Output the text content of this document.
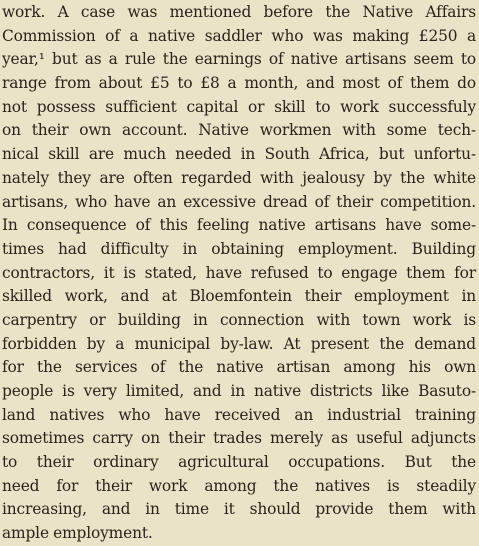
work. A case was mentioned before the Native Affairs
Commission of a native saddler who was making £250 a
year,¹ but as a rule the earnings of native artisans seem to
range from about £5 to £8 a month, and most of them do
not possess sufficient capital or skill to work successfuly
on their own account. Native workmen with some tech-
nical skill are much needed in South Africa, but unfortu-
nately they are often regarded with jealousy by the white
artisans, who have an excessive dread of their competition.
In consequence of this feeling native artisans have some-
times had difficulty in obtaining employment. Building
contractors, it is stated, have refused to engage them for
skilled work, and at Bloemfontein their employment in
carpentry or building in connection with town work is
forbidden by a municipal by-law. At present the demand
for the services of the native artisan among his own
people is very limited, and in native districts like Basuto-
land natives who have received an industrial training
sometimes carry on their trades merely as useful adjuncts
to their ordinary agricultural occupations. But the
need for their work among the natives is steadily
increasing, and in time it should provide them with
ample employment.
